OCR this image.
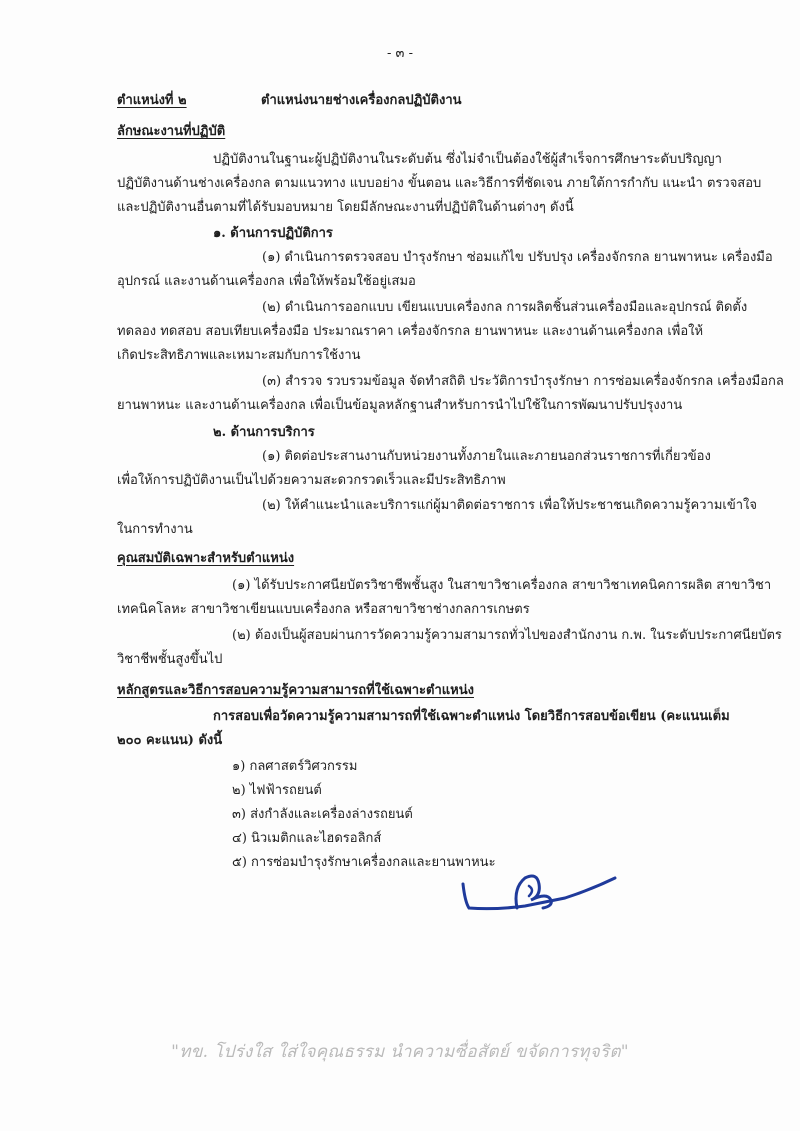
- ๓ -
ตำแหน่งที่ ๒	ตำแหน่งนายช่างเครื่องกลปฏิบัติงาน
ลักษณะงานที่ปฏิบัติ
ปฏิบัติงานในฐานะผู้ปฏิบัติงานในระดับต้น ซึ่งไม่จำเป็นต้องใช้ผู้สำเร็จการศึกษาระดับปริญญา
ปฏิบัติงานด้านช่างเครื่องกล ตามแนวทาง แบบอย่าง ขั้นตอน และวิธีการที่ชัดเจน ภายใต้การกำกับ แนะนำ ตรวจสอบ
และปฏิบัติงานอื่นตามที่ได้รับมอบหมาย โดยมีลักษณะงานที่ปฏิบัติในด้านต่างๆ ดังนี้
๑. ด้านการปฏิบัติการ
(๑) ดำเนินการตรวจสอบ บำรุงรักษา ซ่อมแก้ไข ปรับปรุง เครื่องจักรกล ยานพาหนะ เครื่องมือ
อุปกรณ์ และงานด้านเครื่องกล เพื่อให้พร้อมใช้อยู่เสมอ
(๒) ดำเนินการออกแบบ เขียนแบบเครื่องกล การผลิตชิ้นส่วนเครื่องมือและอุปกรณ์ ติดตั้ง
ทดลอง ทดสอบ สอบเทียบเครื่องมือ ประมาณราคา เครื่องจักรกล ยานพาหนะ และงานด้านเครื่องกล เพื่อให้
เกิดประสิทธิภาพและเหมาะสมกับการใช้งาน
(๓) สำรวจ รวบรวมข้อมูล จัดทำสถิติ ประวัติการบำรุงรักษา การซ่อมเครื่องจักรกล เครื่องมือกล
ยานพาหนะ และงานด้านเครื่องกล เพื่อเป็นข้อมูลหลักฐานสำหรับการนำไปใช้ในการพัฒนาปรับปรุงงาน
๒. ด้านการบริการ
(๑) ติดต่อประสานงานกับหน่วยงานทั้งภายในและภายนอกส่วนราชการที่เกี่ยวข้อง
เพื่อให้การปฏิบัติงานเป็นไปด้วยความสะดวกรวดเร็วและมีประสิทธิภาพ
(๒) ให้คำแนะนำและบริการแก่ผู้มาติดต่อราชการ เพื่อให้ประชาชนเกิดความรู้ความเข้าใจ
ในการทำงาน
คุณสมบัติเฉพาะสำหรับตำแหน่ง
(๑) ได้รับประกาศนียบัตรวิชาชีพชั้นสูง ในสาขาวิชาเครื่องกล สาขาวิชาเทคนิคการผลิต สาขาวิชา
เทคนิคโลหะ สาขาวิชาเขียนแบบเครื่องกล หรือสาขาวิชาช่างกลการเกษตร
(๒) ต้องเป็นผู้สอบผ่านการวัดความรู้ความสามารถทั่วไปของสำนักงาน ก.พ. ในระดับประกาศนียบัตร
วิชาชีพชั้นสูงขึ้นไป
หลักสูตรและวิธีการสอบความรู้ความสามารถที่ใช้เฉพาะตำแหน่ง
การสอบเพื่อวัดความรู้ความสามารถที่ใช้เฉพาะตำแหน่ง โดยวิธีการสอบข้อเขียน (คะแนนเต็ม
๒๐๐ คะแนน) ดังนี้
๑) กลศาสตร์วิศวกรรม
๒) ไฟฟ้ารถยนต์
๓) ส่งกำลังและเครื่องล่างรถยนต์
๔) นิวเมติกและไฮดรอลิกส์
๕) การซ่อมบำรุงรักษาเครื่องกลและยานพาหนะ
"ทข. โปร่งใส ใส่ใจคุณธรรม นำความซื่อสัตย์ ขจัดการทุจริต"
